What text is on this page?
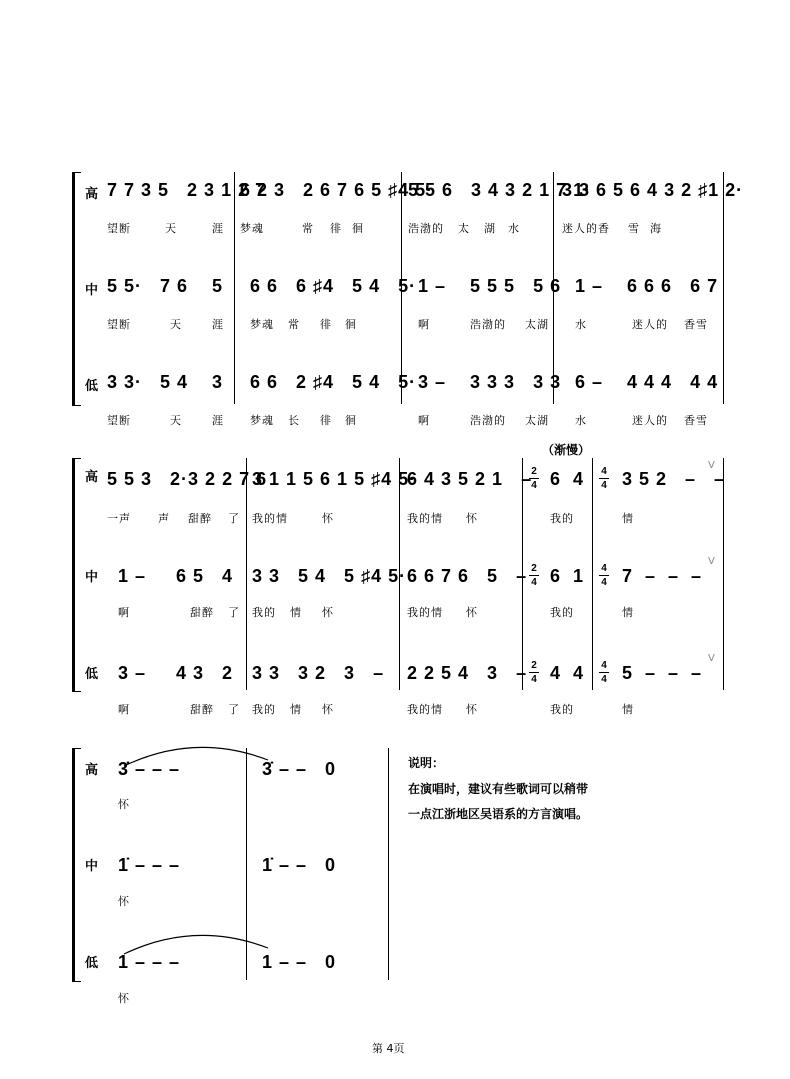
高 7 7 3 5   2 3 1 2 7
6 2 3   2 6 7 6 5 ♯4 5·
5 5 6   3 4 3 2 1 7 1·
3 3 6 5 6 4 3 2 ♯1 2·
望断	天	涯 梦魂	常 徘 徊	浩渤的 太 湖 水	迷人的香 雪 海
中 5 5·   7 6    5 6 6   6 ♯4   5 4   5· 1 –    5 5 5   5 6 1 –    6 6 6   6 7
望断	天	涯 梦魂 常 徘 徊	啊	浩渤的 太湖 水	迷人的 香雪
低 3 3·   5 4    3 6 6   2 ♯4   5 4   5· 3 –    3 3 3   3 3 6 –    4 4 4   4 4
望断	天	涯 梦魂 长 徘 徊	啊	浩渤的 太湖 水	迷人的 香雪
（渐慢）
2
4
4
4
2
4
4
4
2
4
4
4
高 5 5 3   2·3 2 2 7 6
3 1 1 5 6 1 5 ♯4 5·
6 4 3 5 2 1   – 6  4 3 5 2   –   –
V
一声 声 甜醉 了 我的情	怀	我的情 怀	我的	情
中 1 –     6 5   4 3 3   5 4   5 ♯4 5· 6 6 7 6   5   – 6  1 7  –  –  –
V
啊	甜醉 了 我的 情 怀	我的情 怀	我的	情
低 3 –     4 3   2 3 3   3 2   3   – 2 2 5 4   3   – 4  4 5  –  –  –
V
啊	甜醉 了 我的 情 怀	我的情 怀	我的	情
高 3̇ – – –	3̇ – –   0
怀
中 1̇ – – –	1̇ – –   0
怀
低 1 – – –	1 – –   0
怀
说明：
在演唱时，建议有些歌词可以稍带
一点江浙地区吴语系的方言演唱。
第 4页
